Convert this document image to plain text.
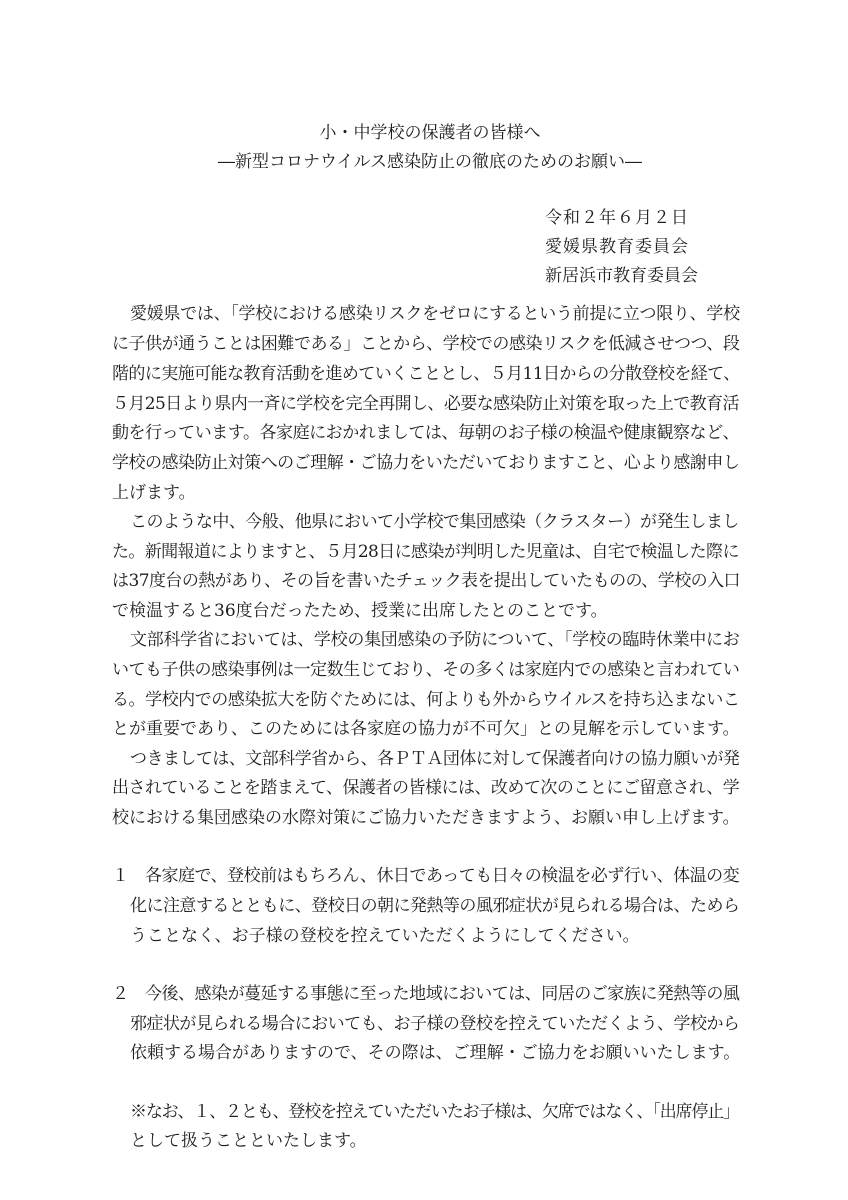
小・中学校の保護者の皆様へ
―新型コロナウイルス感染防止の徹底のためのお願い―
令和２年６月２日
愛媛県教育委員会
新居浜市教育委員会
愛媛県では、「学校における感染リスクをゼロにするという前提に立つ限り、学校
に子供が通うことは困難である」ことから、学校での感染リスクを低減させつつ、段
階的に実施可能な教育活動を進めていくこととし、５月11日からの分散登校を経て、
５月25日より県内一斉に学校を完全再開し、必要な感染防止対策を取った上で教育活
動を行っています。各家庭におかれましては、毎朝のお子様の検温や健康観察など、
学校の感染防止対策へのご理解・ご協力をいただいておりますこと、心より感謝申し
上げます。
このような中、今般、他県において小学校で集団感染（クラスター）が発生しまし
た。新聞報道によりますと、５月28日に感染が判明した児童は、自宅で検温した際に
は37度台の熱があり、その旨を書いたチェック表を提出していたものの、学校の入口
で検温すると36度台だったため、授業に出席したとのことです。
文部科学省においては、学校の集団感染の予防について、「学校の臨時休業中にお
いても子供の感染事例は一定数生じており、その多くは家庭内での感染と言われてい
る。学校内での感染拡大を防ぐためには、何よりも外からウイルスを持ち込まないこ
とが重要であり、このためには各家庭の協力が不可欠」との見解を示しています。
つきましては、文部科学省から、各ＰＴＡ団体に対して保護者向けの協力願いが発
出されていることを踏まえて、保護者の皆様には、改めて次のことにご留意され、学
校における集団感染の水際対策にご協力いただきますよう、お願い申し上げます。
１　各家庭で、登校前はもちろん、休日であっても日々の検温を必ず行い、体温の変
化に注意するとともに、登校日の朝に発熱等の風邪症状が見られる場合は、ためら
うことなく、お子様の登校を控えていただくようにしてください。
２　今後、感染が蔓延する事態に至った地域においては、同居のご家族に発熱等の風
邪症状が見られる場合においても、お子様の登校を控えていただくよう、学校から
依頼する場合がありますので、その際は、ご理解・ご協力をお願いいたします。
※なお、１、２とも、登校を控えていただいたお子様は、欠席ではなく、「出席停止」
として扱うことといたします。
